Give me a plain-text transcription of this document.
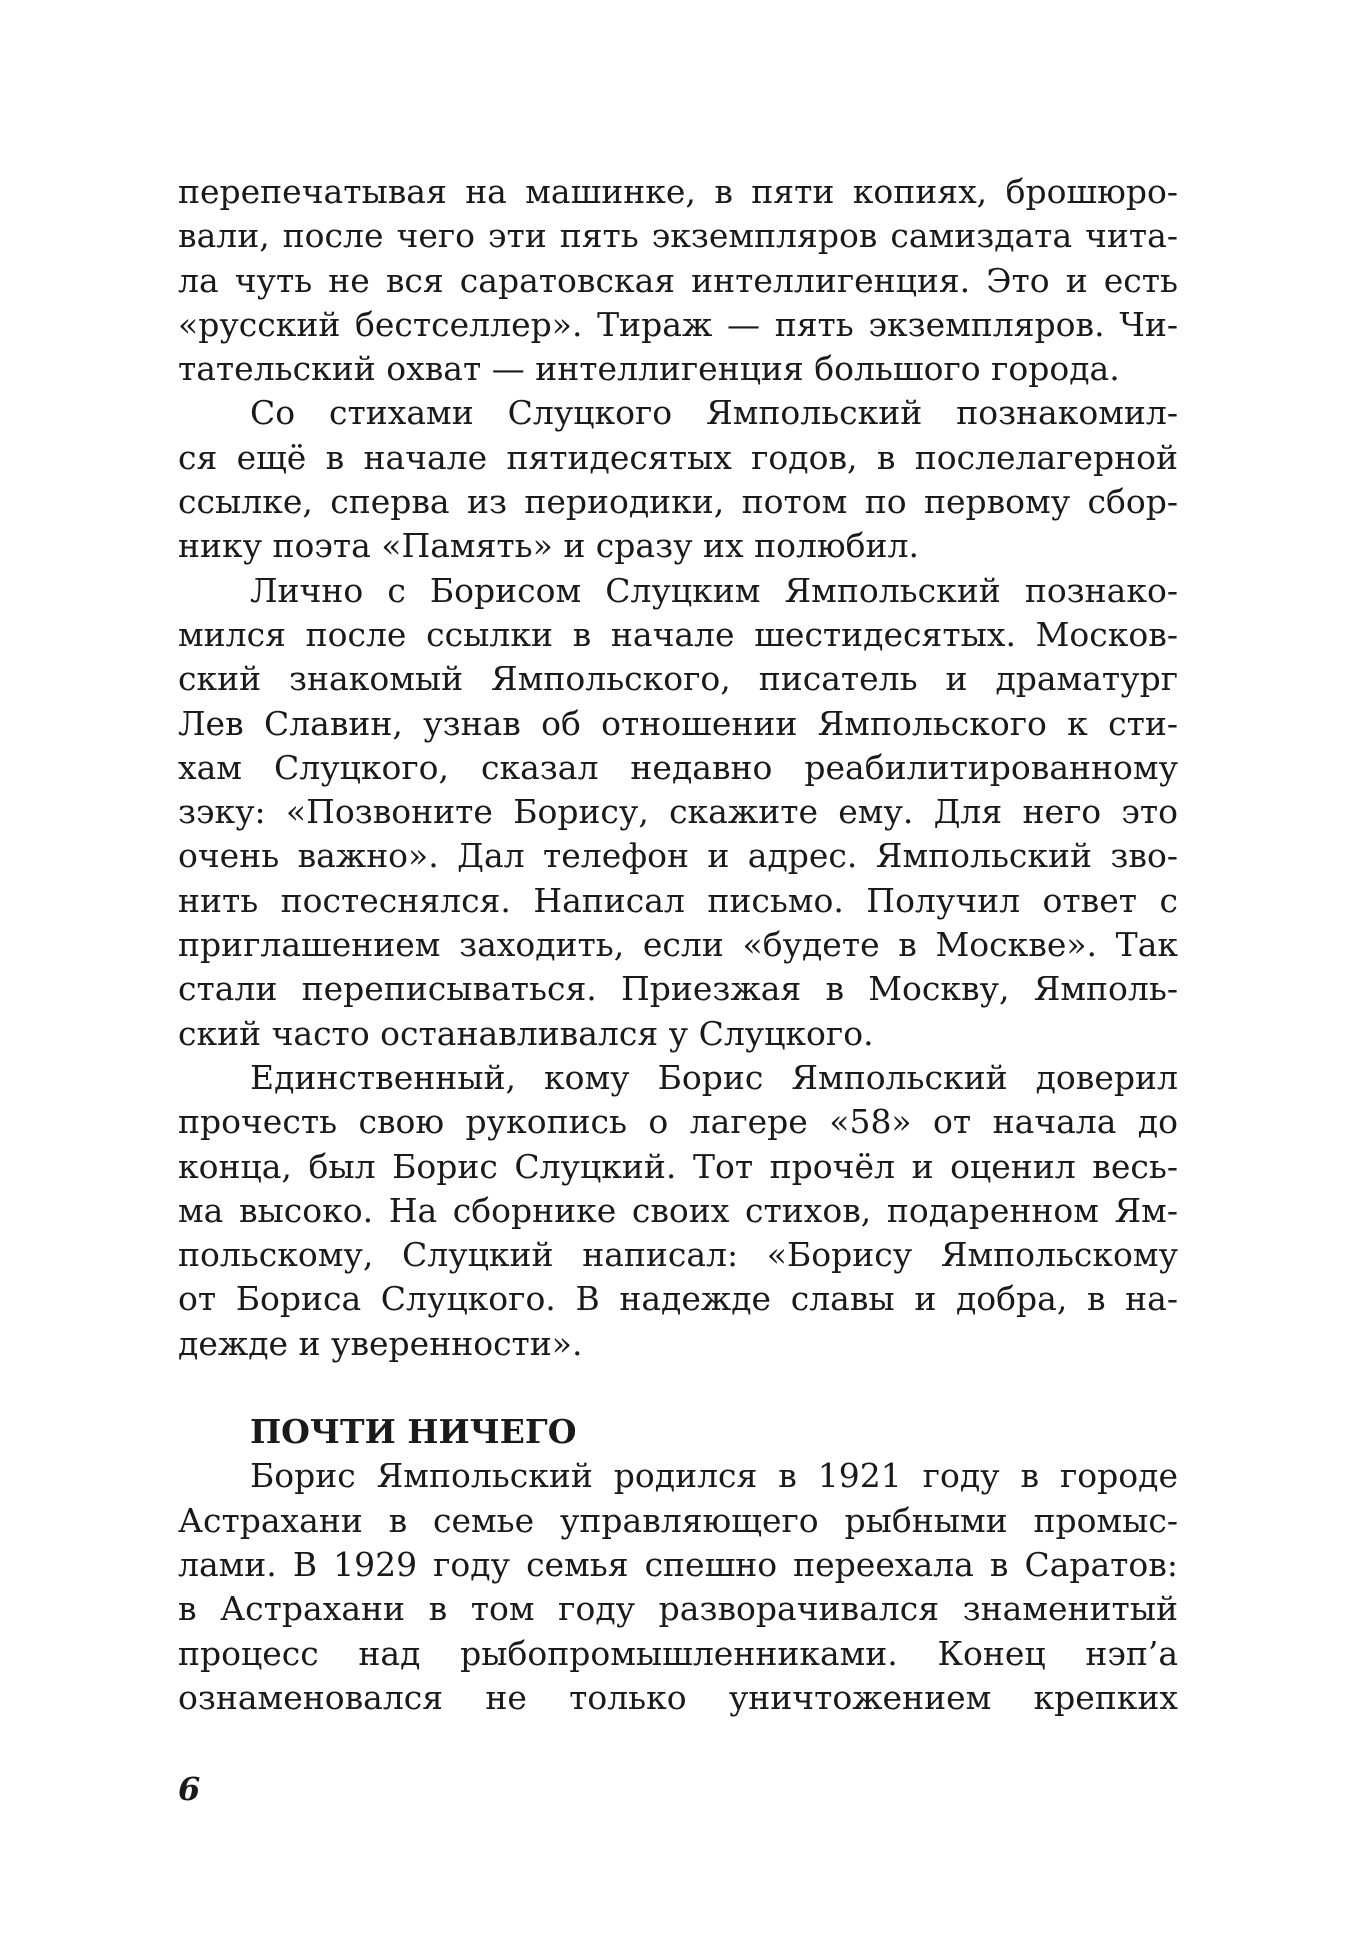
перепечатывая на машинке, в пяти копиях, брошюро-
вали, после чего эти пять экземпляров самиздата чита-
ла чуть не вся саратовская интеллигенция. Это и есть
«русский бестселлер». Тираж — пять экземпляров. Чи-
тательский охват — интеллигенция большого города.
Со стихами Слуцкого Ямпольский познакомил-
ся ещё в начале пятидесятых годов, в послелагерной
ссылке, сперва из периодики, потом по первому сбор-
нику поэта «Память» и сразу их полюбил.
Лично с Борисом Слуцким Ямпольский познако-
мился после ссылки в начале шестидесятых. Москов-
ский знакомый Ямпольского, писатель и драматург
Лев Славин, узнав об отношении Ямпольского к сти-
хам Слуцкого, сказал недавно реабилитированному
зэку: «Позвоните Борису, скажите ему. Для него это
очень важно». Дал телефон и адрес. Ямпольский зво-
нить постеснялся. Написал письмо. Получил ответ с
приглашением заходить, если «будете в Москве». Так
стали переписываться. Приезжая в Москву, Ямполь-
ский часто останавливался у Слуцкого.
Единственный, кому Борис Ямпольский доверил
прочесть свою рукопись о лагере «58» от начала до
конца, был Борис Слуцкий. Тот прочёл и оценил весь-
ма высоко. На сборнике своих стихов, подаренном Ям-
польскому, Слуцкий написал: «Борису Ямпольскому
от Бориса Слуцкого. В надежде славы и добра, в на-
дежде и уверенности».
ПОЧТИ НИЧЕГО
Борис Ямпольский родился в 1921 году в городе
Астрахани в семье управляющего рыбными промыс-
лами. В 1929 году семья спешно переехала в Саратов:
в Астрахани в том году разворачивался знаменитый
процесс над рыбопромышленниками. Конец нэп’а
ознаменовался не только уничтожением крепких
6
